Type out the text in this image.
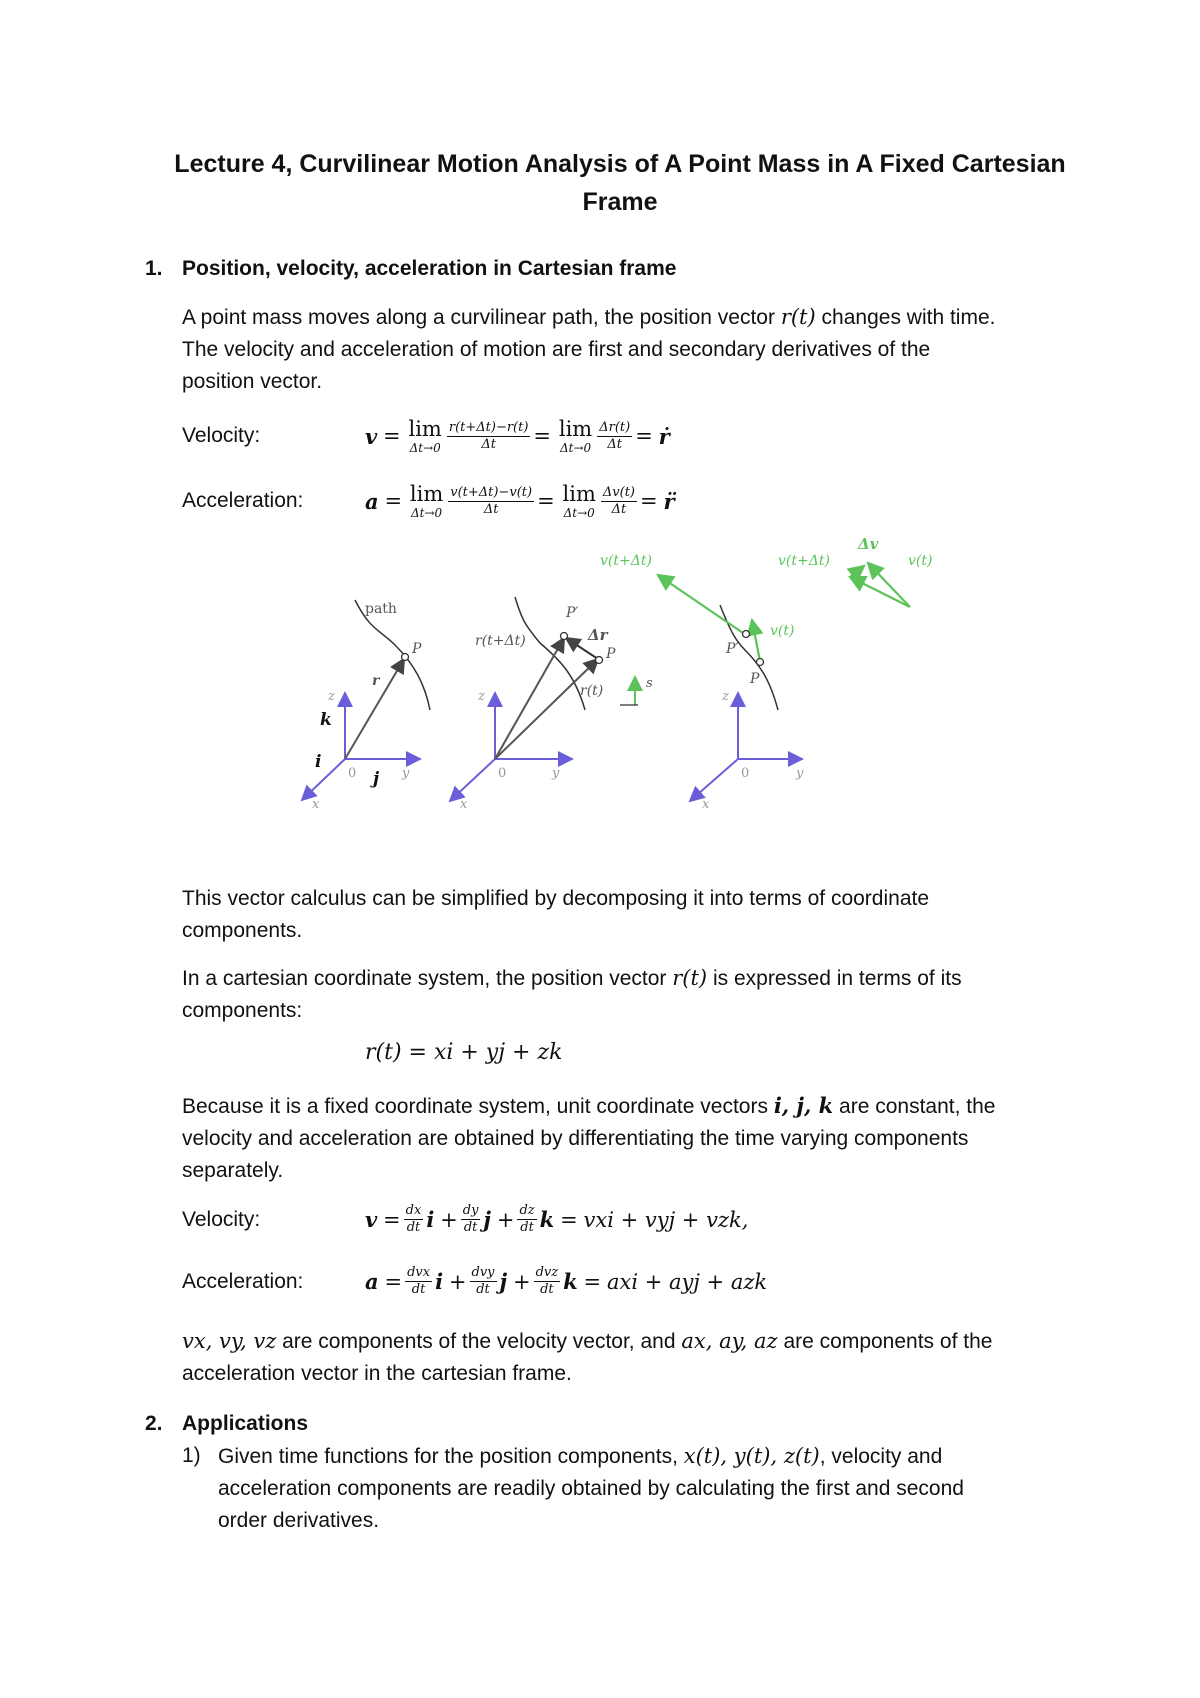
Lecture 4, Curvilinear Motion Analysis of A Point Mass in A Fixed Cartesian
Frame
1. Position, velocity, acceleration in Cartesian frame
A point mass moves along a curvilinear path, the position vector r(t) changes with time.
The velocity and acceleration of motion are first and secondary derivatives of the
position vector.
Velocity:	v
=
lim
$\Delta t\to 0 \frac{r(t+\Delta t)-r(t)}{\Delta t}$ =
lim
$\Delta t\to 0 \frac{\Delta r(t)}{\Delta t}$ =
ṙ
Acceleration:	a
=
lim
$\Delta t\to 0 \frac{v(t+\Delta t)-v(t)}{\Delta t}$ =
lim
$\Delta t\to 0 \frac{\Delta v(t)}{\Delta t}$ =
r̈
path
P
r
z
k
i
j
0	y
x
r(t+Δt)
P′
Δr
P
r(t)	s
z
0	y
x
v(t+Δt)
v(t)
P′
P
z
0	y
x
v(t+Δt)	v(t)
Δv
This vector calculus can be simplified by decomposing it into terms of coordinate
components.
In a cartesian coordinate system, the position vector r(t) is expressed in terms of its
components:
r(t) = xi + yj + zk
Because it is a fixed coordinate system, unit coordinate vectors i, j, k are constant, the
velocity and acceleration are obtained by differentiating the time varying components
separately.
Velocity:	v
= $\frac{dx}{dt}$ i
+ $\frac{dy}{dt}$ j
+ $\frac{dz}{dt}$ k
=
vxi + vyj + vzk,
Acceleration:	a
= $\frac{\text{dvx}}{dt}$ i
+ $\frac{\text{dvy}}{dt}$ j
+ $\frac{\text{dvz}}{dt}$ k
=
axi + ayj + azk
vx, vy, vz are components of the velocity vector, and ax, ay, az are components of the
acceleration vector in the cartesian frame.
2. Applications
1) Given time functions for the position components, x(t), y(t), z(t), velocity and
acceleration components are readily obtained by calculating the first and second
order derivatives.
